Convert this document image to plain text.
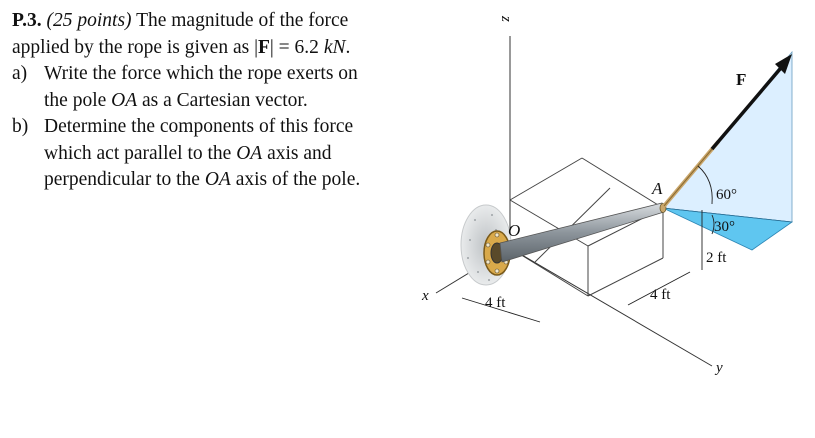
P.3. (25 points) The magnitude of the force
applied by the rope is given as |F| = 6.2 kN.
a) Write the force which the rope exerts on
the pole OA as a Cartesian vector.
b) Determine the components of this force
which act parallel to the OA axis and
perpendicular to the OA axis of the pole.
z
x
y
O
A
F
60°
30°
2 ft
4 ft	4 ft
